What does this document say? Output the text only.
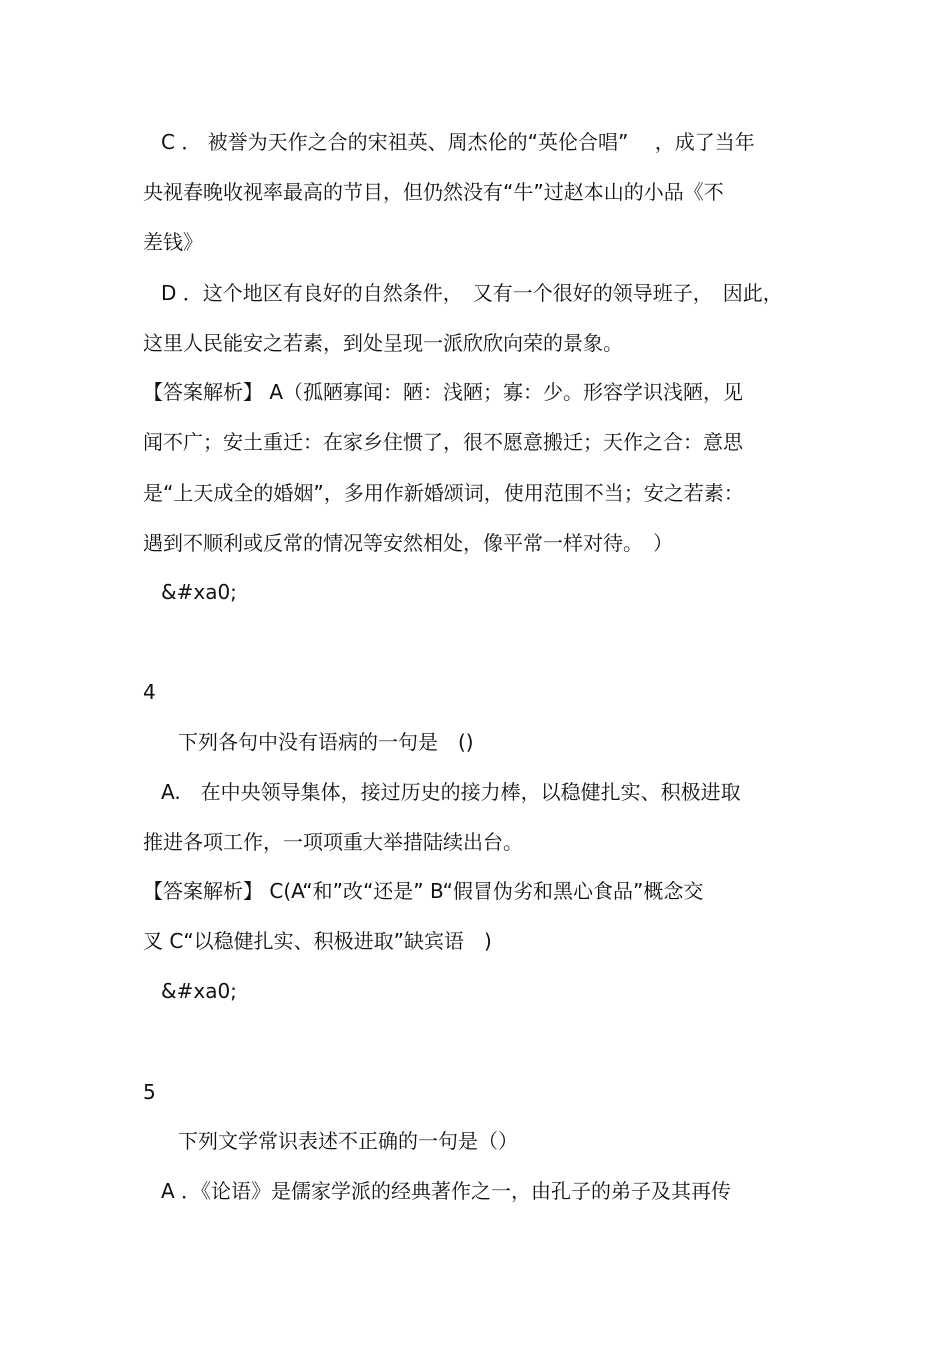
C ． 被誉为天作之合的宋祖英、周杰伦的“英伦合唱”　 ，成了当年
央视春晚收视率最高的节目，但仍然没有“牛”过赵本山的小品《不
差钱》
D ．这个地区有良好的自然条件，　又有一个很好的领导班子，　因此，
这里人民能安之若素，到处呈现一派欣欣向荣的景象。
【答案解析】 A（孤陋寡闻：陋：浅陋；寡：少。形容学识浅陋，见
闻不广；安土重迁：在家乡住惯了，很不愿意搬迁；天作之合：意思
是“上天成全的婚姻”，多用作新婚颂词，使用范围不当；安之若素：
遇到不顺利或反常的情况等安然相处，像平常一样对待。　）
&#xa0;
4
下列各句中没有语病的一句是　()
A.　在中央领导集体，接过历史的接力棒，以稳健扎实、积极进取
推进各项工作，一项项重大举措陆续出台。
【答案解析】 C(A“和”改“还是” B“假冒伪劣和黑心食品”概念交
叉 C“以稳健扎实、积极进取”缺宾语　)
&#xa0;
5
下列文学常识表述不正确的一句是（）
A ．《论语》是儒家学派的经典著作之一，由孔子的弟子及其再传
